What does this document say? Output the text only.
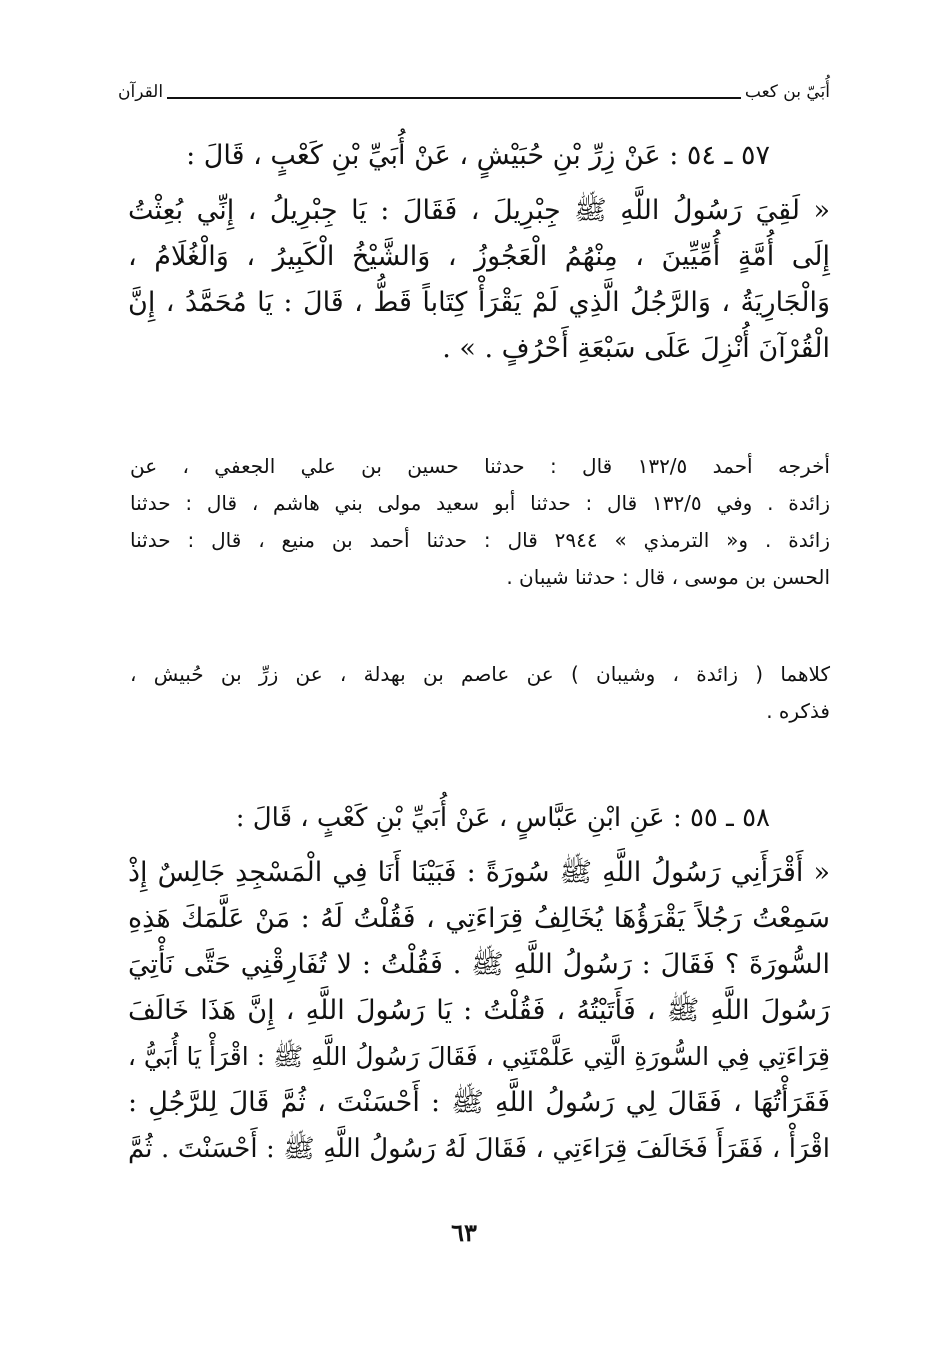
القرآن	أُبَيّ بن كعب
٥٧ ـ ٥٤ : عَنْ زِرِّ بْنِ حُبَيْشٍ ، عَنْ أُبَيِّ بْنِ كَعْبٍ ، قَالَ :
« لَقِيَ رَسُولُ اللَّهِ ﷺ جِبْرِيلَ ، فَقَالَ : يَا جِبْرِيلُ ، إِنِّي بُعِثْتُ
إِلَى أُمَّةٍ أُمِّيِّينَ ، مِنْهُمُ الْعَجُوزُ ، وَالشَّيْخُ الْكَبِيرُ ، وَالْغُلَامُ ،
وَالْجَارِيَةُ ، وَالرَّجُلُ الَّذِي لَمْ يَقْرَأْ كِتَاباً قَطُّ ، قَالَ : يَا مُحَمَّدُ ، إِنَّ
الْقُرْآنَ أُنْزِلَ عَلَى سَبْعَةِ أَحْرُفٍ . » .
أخرجه أحمد ١٣٢/٥ قال : حدثنا حسين بن علي الجعفي ، عن
زائدة . وفي ١٣٢/٥ قال : حدثنا أبو سعيد مولى بني هاشم ، قال : حدثنا
زائدة . و« الترمذي » ٢٩٤٤ قال : حدثنا أحمد بن منيع ، قال : حدثنا
الحسن بن موسى ، قال : حدثنا شيبان .
كلاهما ( زائدة ، وشيبان ) عن عاصم بن بهدلة ، عن زرِّ بن حُبيش ،
فذكره .
٥٨ ـ ٥٥ : عَنِ ابْنِ عَبَّاسٍ ، عَنْ أُبَيِّ بْنِ كَعْبٍ ، قَالَ :
« أَقْرَأَنِي رَسُولُ اللَّهِ ﷺ سُورَةً : فَبَيْنَا أَنَا فِي الْمَسْجِدِ جَالِسٌ إِذْ
سَمِعْتُ رَجُلاً يَقْرَؤُهَا يُخَالِفُ قِرَاءَتِي ، فَقُلْتُ لَهُ : مَنْ عَلَّمَكَ هَذِهِ
السُّورَةَ ؟ فَقَالَ : رَسُولُ اللَّهِ ﷺ . فَقُلْتُ : لا تُفَارِقْنِي حَتَّى نَأْتِيَ
رَسُولَ اللَّهِ ﷺ ، فَأَتَيْتُهُ ، فَقُلْتُ : يَا رَسُولَ اللَّهِ ، إِنَّ هَذَا خَالَفَ
قِرَاءَتِي فِي السُّورَةِ الَّتِي عَلَّمْتَنِي ، فَقَالَ رَسُولُ اللَّهِ ﷺ : اقْرَأْ يَا أُبَيُّ ،
فَقَرَأْتُهَا ، فَقَالَ لِي رَسُولُ اللَّهِ ﷺ : أَحْسَنْتَ ، ثُمَّ قَالَ لِلرَّجُلِ :
اقْرَأْ ، فَقَرَأَ فَخَالَفَ قِرَاءَتِي ، فَقَالَ لَهُ رَسُولُ اللَّهِ ﷺ : أَحْسَنْتَ . ثُمَّ
٦٣
